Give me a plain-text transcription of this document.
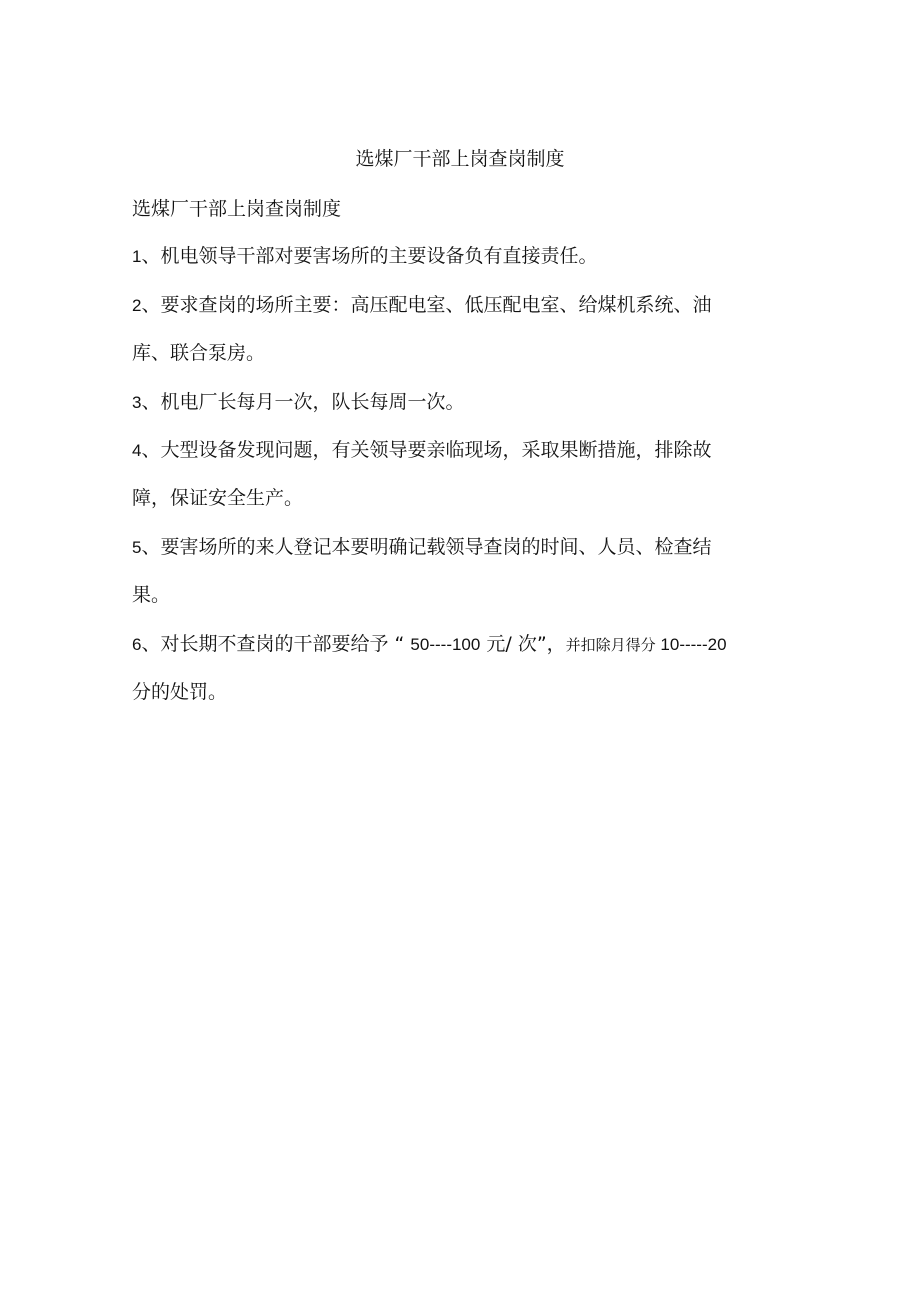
选煤厂干部上岗查岗制度
选煤厂干部上岗查岗制度
1、机电领导干部对要害场所的主要设备负有直接责任。
2、要求查岗的场所主要：高压配电室、低压配电室、给煤机系统、油
库、联合泵房。
3、机电厂长每月一次，队长每周一次。
4、大型设备发现问题，有关领导要亲临现场，采取果断措施，排除故
障，保证安全生产。
5、要害场所的来人登记本要明确记载领导查岗的时间、人员、检查结
果。
6、对长期不查岗的干部要给予 “ 50----100 元/ 次”，并扣除月得分 10-----20
分的处罚。
